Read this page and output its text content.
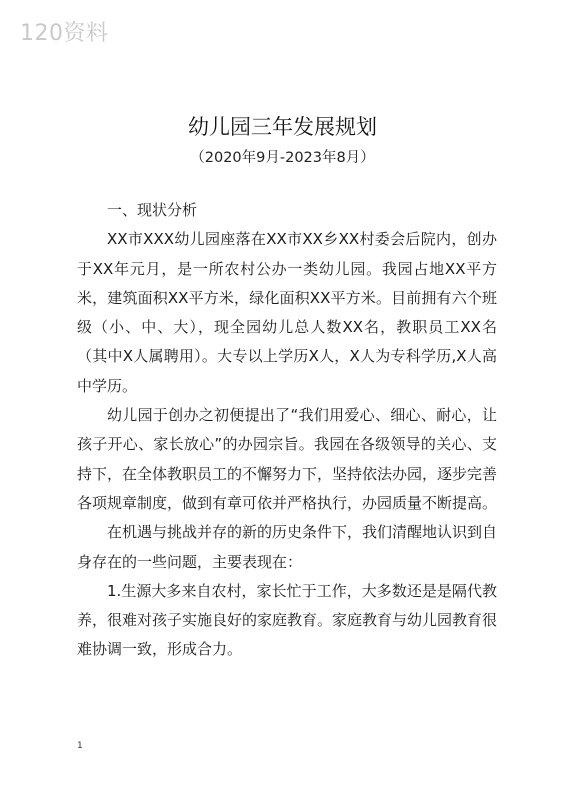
120资料
幼儿园三年发展规划
（2020年9月-2023年8月）

一、现状分析

XX市XXX幼儿园座落在XX市XX乡XX村委会后院内，创办于XX年元月，是一所农村公办一类幼儿园。我园占地XX平方米，建筑面积XX平方米，绿化面积XX平方米。目前拥有六个班级（小、中、大），现全园幼儿总人数XX名，教职员工XX名（其中X人属聘用）。大专以上学历X人，X人为专科学历,X人高中学历。

幼儿园于创办之初便提出了“我们用爱心、细心、耐心，让孩子开心、家长放心”的办园宗旨。我园在各级领导的关心、支持下，在全体教职员工的不懈努力下，坚持依法办园，逐步完善各项规章制度，做到有章可依并严格执行，办园质量不断提高。

在机遇与挑战并存的新的历史条件下，我们清醒地认识到自身存在的一些问题，主要表现在：

1.生源大多来自农村，家长忙于工作，大多数还是是隔代教养，很难对孩子实施良好的家庭教育。家庭教育与幼儿园教育很难协调一致，形成合力。

1
